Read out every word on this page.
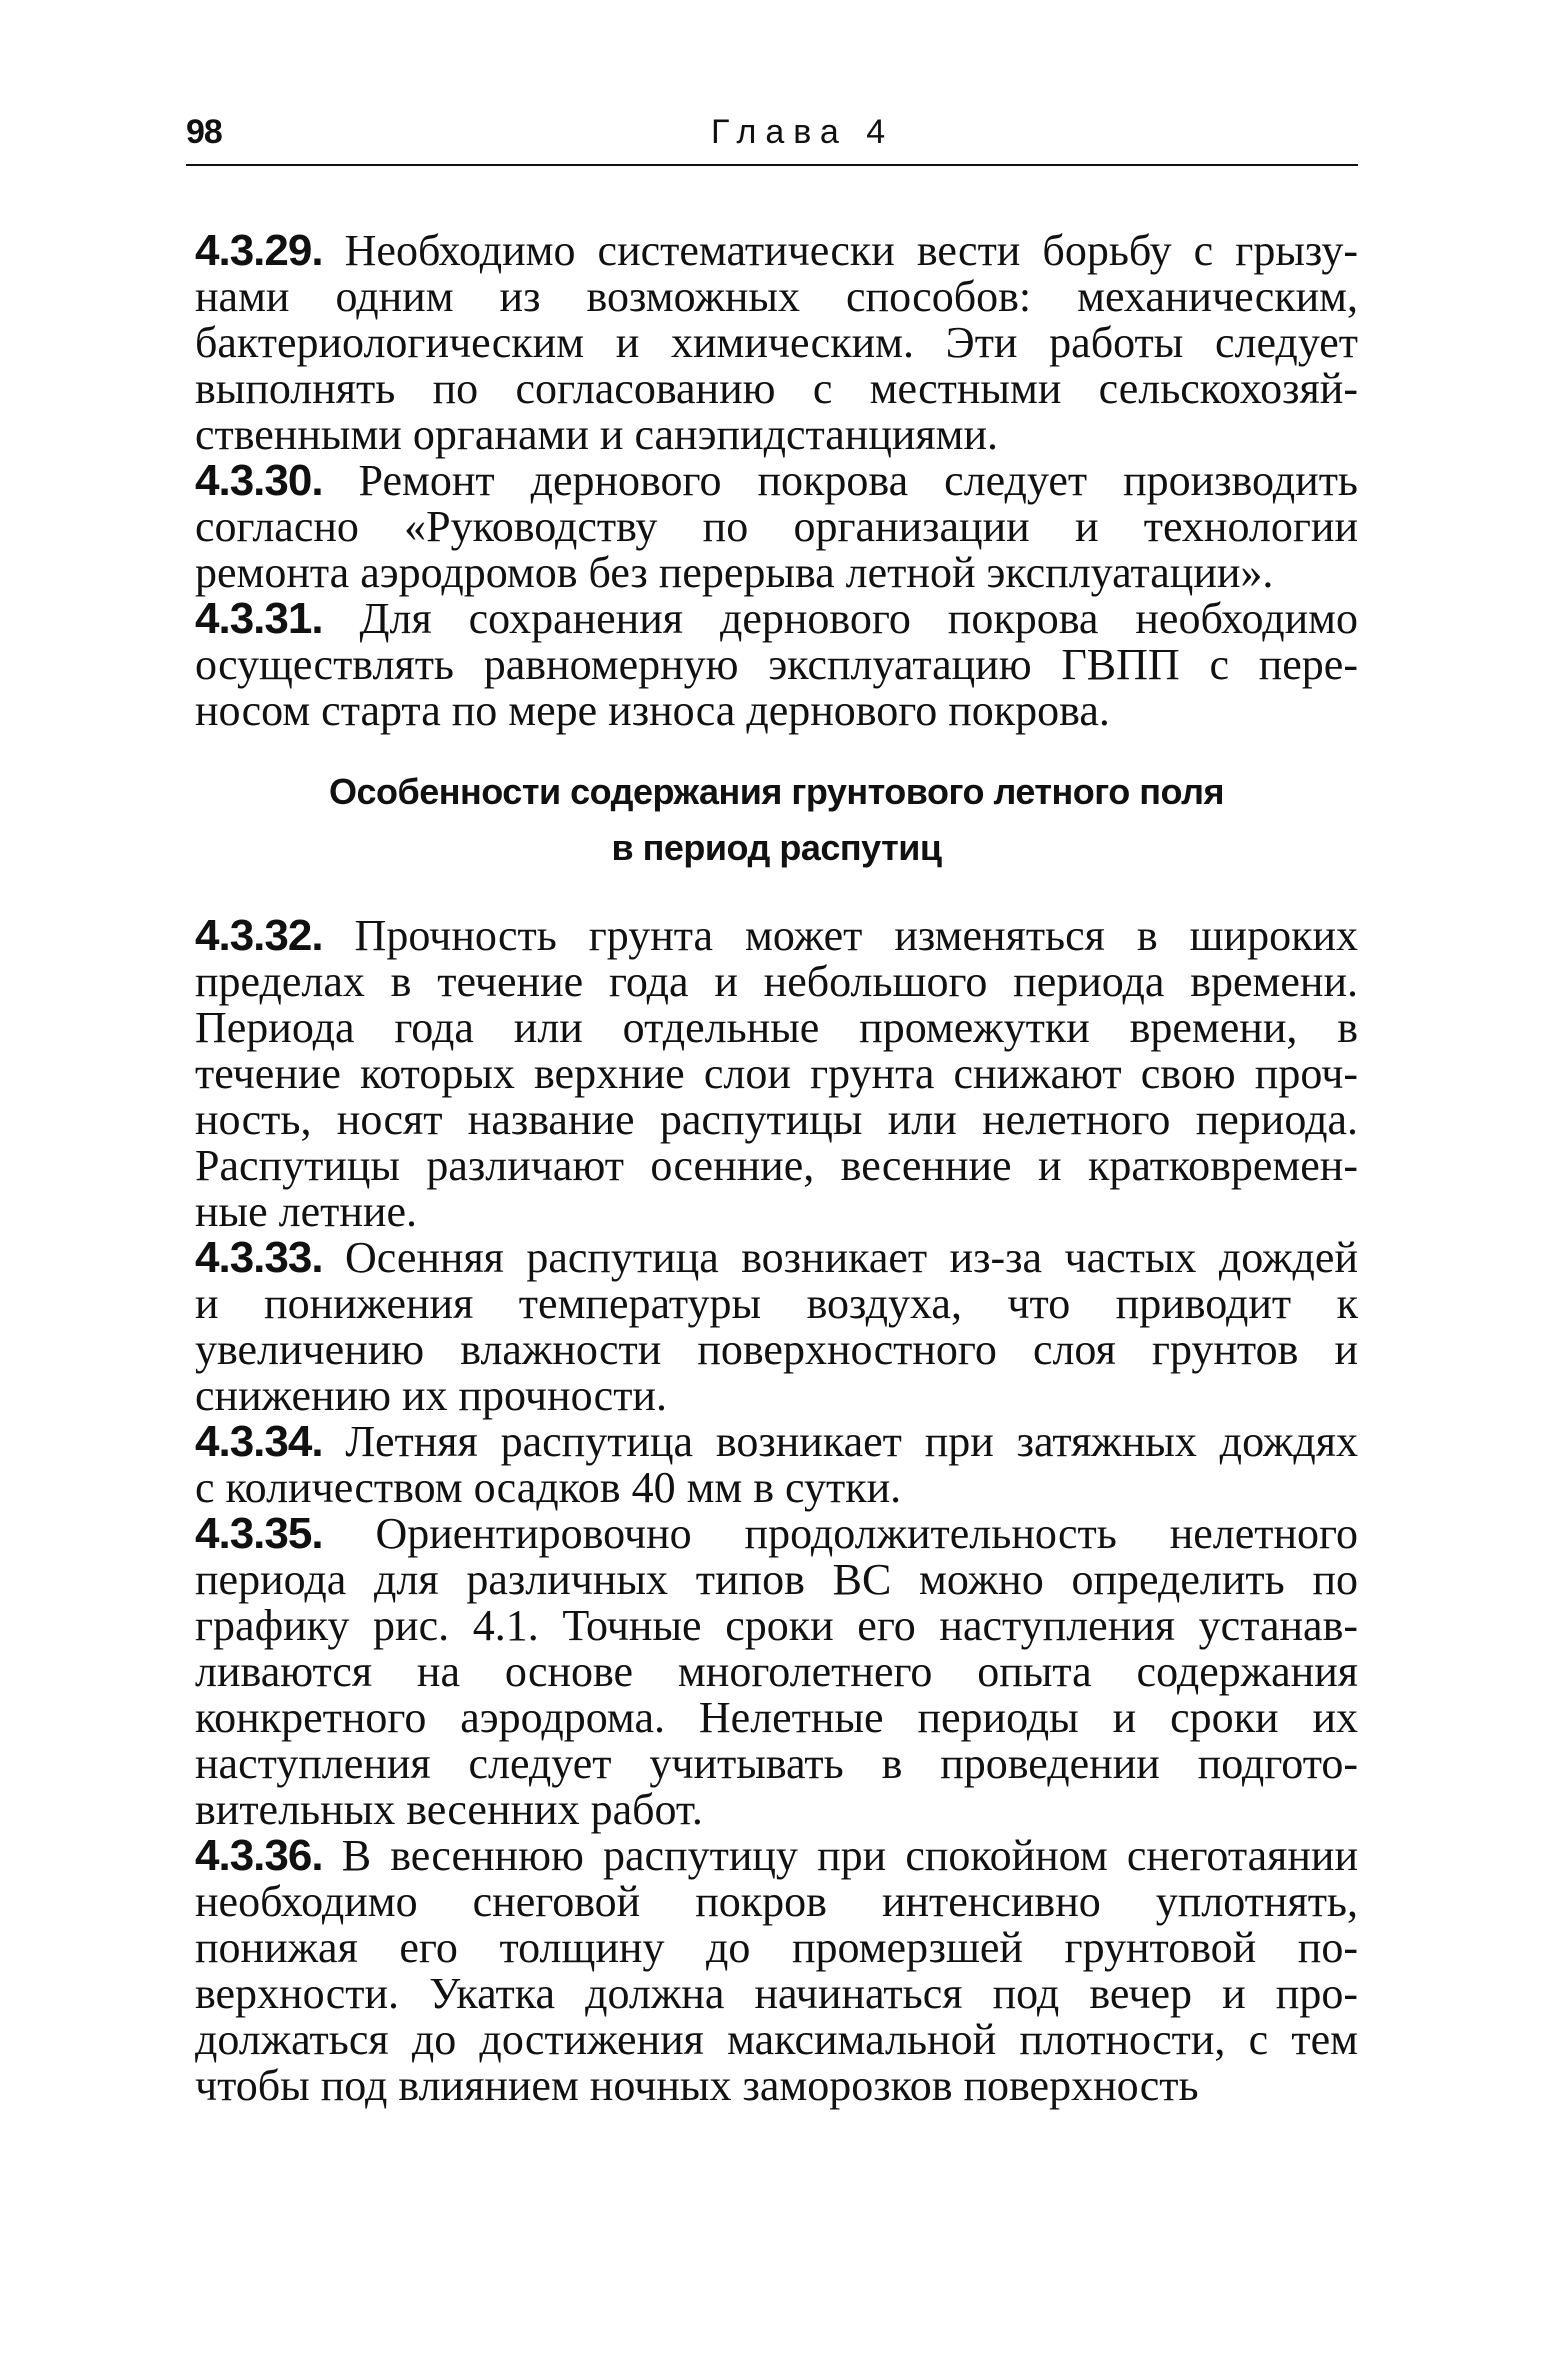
98	Глава 4
4.3.29. Необходимо систематически вести борьбу с грызу-
нами одним из возможных способов: механическим,
бактериологическим и химическим. Эти работы следует
выполнять по согласованию с местными сельскохозяй-
ственными органами и санэпидстанциями.
4.3.30. Ремонт дернового покрова следует производить
согласно «Руководству по организации и технологии
ремонта аэродромов без перерыва летной эксплуатации».
4.3.31. Для сохранения дернового покрова необходимо
осуществлять равномерную эксплуатацию ГВПП с пере-
носом старта по мере износа дернового покрова.
Особенности содержания грунтового летного поля
в период распутиц
4.3.32. Прочность грунта может изменяться в широких
пределах в течение года и небольшого периода времени.
Периода года или отдельные промежутки времени, в
течение которых верхние слои грунта снижают свою проч-
ность, носят название распутицы или нелетного периода.
Распутицы различают осенние, весенние и кратковремен-
ные летние.
4.3.33. Осенняя распутица возникает из-за частых дождей
и понижения температуры воздуха, что приводит к
увеличению влажности поверхностного слоя грунтов и
снижению их прочности.
4.3.34. Летняя распутица возникает при затяжных дождях
с количеством осадков 40 мм в сутки.
4.3.35. Ориентировочно продолжительность нелетного
периода для различных типов ВС можно определить по
графику рис. 4.1. Точные сроки его наступления устанав-
ливаются на основе многолетнего опыта содержания
конкретного аэродрома. Нелетные периоды и сроки их
наступления следует учитывать в проведении подгото-
вительных весенних работ.
4.3.36. В весеннюю распутицу при спокойном снеготаянии
необходимо снеговой покров интенсивно уплотнять,
понижая его толщину до промерзшей грунтовой по-
верхности. Укатка должна начинаться под вечер и про-
должаться до достижения максимальной плотности, с тем
чтобы под влиянием ночных заморозков поверхность
